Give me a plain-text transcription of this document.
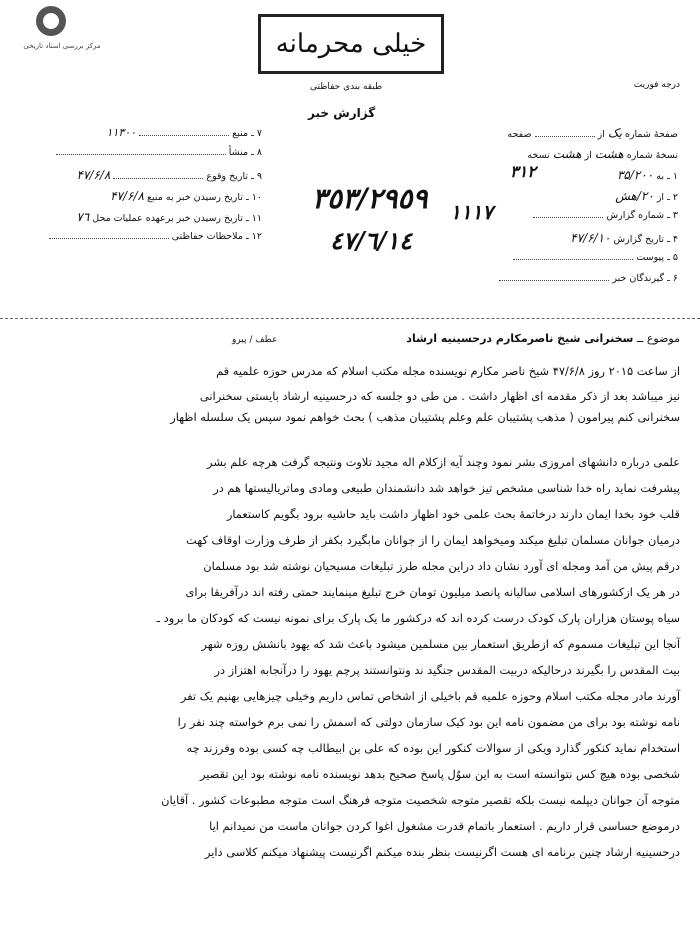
مرکز بررسی اسناد تاریخی	خیلی محرمانه
درجه فوریت
طبقه بندی حفاظتی
گزارش خبر
٧ ـ منبع  ١١٣٠٠
٨ ـ منشأ
٩ ـ تاریخ وقوع  ۴٧/۶/٨
١٠ ـ تاریخ رسیدن خبر به منبع ۴٧/۶/٨
١١ ـ تاریخ رسیدن خبر برعهده عملیات محل ٧٦
١٢ ـ ملاحظات حفاظتی
صفحهٔ شماره یک از  صفحه
نسخهٔ شماره هشت از هشت نسخه
١ ـ به ٣۵/٢٠٠
٢ ـ از ٢٠/هش
٣ ـ شماره گزارش
۴ ـ تاریخ گزارش ۴٧/۶/١٠
۵ ـ پیوست
۶ ـ گیرندگان خبر
٣٥٣/٢٩٥٩
٤٧/٦/١٤
١١١٧
٣١٢
موضوع ــ سخنرانی شیخ ناصرمکارم درحسینیه ارشاد
عطف / پیرو
از ساعت ٢٠١۵ روز ۴٧/۶/٨ شیخ ناصر مکارم نویسنده مجله مکتب اسلام که مدرس حوزه علمیه قم
نیز میباشد بعد از ذکر مقدمه ای اظهار داشت . من طی دو جلسه که درحسینیه ارشاد بایستی سخنرانی
سخنرانی کنم پیرامون ( مذهب پشتیبان علم وعلم پشتیبان مذهب ) بحث خواهم نمود سپس یک سلسله اظهار
علمی درباره دانشهای امروزی بشر نمود وچند آیه ازکلام اله مجید تلاوت ونتیجه گرفت هرچه علم بشر
پیشرفت نماید راه خدا شناسی مشخص تیز خواهد شد دانشمندان طبیعی ومادی وماتریالیستها هم در
قلب خود بخدا ایمان دارند درخاتمهٔ بحث علمی خود اظهار داشت باید حاشیه برود بگویم کاستعمار
درمیان جوانان مسلمان تبلیغ میکند ومیخواهد ایمان را از جوانان مابگیرد بکفر از طرف وزارت اوقاف کهت
درقم پیش من آمد ومجله ای آورد نشان داد دراین مجله طرز تبلیغات مسیحیان نوشته شد بود مسلمان
در هر یک ازکشورهای اسلامی سالیانه پانصد میلیون تومان خرج تبلیغ مینمایند حمتی رفته اند درآفریقا برای
سیاه پوستان هزاران پارک کودک درست کرده اند که درکشور ما یک پارک برای نمونه نیست که کودکان ما برود ـ
آنجا این تبلیغات مسموم که ازطریق استعمار بین مسلمین میشود باعث شد که یهود بانشش روزه شهر
بیت المقدس را بگیرند درحالیکه دربیت المقدس جنگید ند ونتوانستند پرچم یهود را درآنجابه اهتزاز در
آورند مادر مجله مکتب اسلام وحوزه علمیه قم باخیلی از اشخاص تماس داریم وخیلی چیزهایی بهنیم یک تفر
نامه نوشته بود برای من مضمون نامه این بود کیک سازمان دولتی که اسمش را نمی برم خواسته چند نفر را
استخدام نماید کنکور گذارد ویکی از سوالات کنکور این بوده که علی بن ابیطالب چه کسی بوده وفرزند چه
شخصی بوده هیچ کس نتوانسته است به این سوٌل پاسخ صحیح بدهد نویسنده نامه نوشته بود این تقصیر
متوجه آن جوانان دیپلمه نیست بلکه تقصیر متوجه شخصیت متوجه فرهنگ است متوجه مطبوعات کشور . آقایان
درموضع حساسی قرار داریم . استعمار باتمام قدرت مشغول اغوا کردن جوانان ماست من نمیدانم ایا
درحسینیه ارشاد چنین برنامه ای هست اگرنیست بنظر بنده میکنم اگرنیست پیشنهاد میکنم کلاسی دایر
